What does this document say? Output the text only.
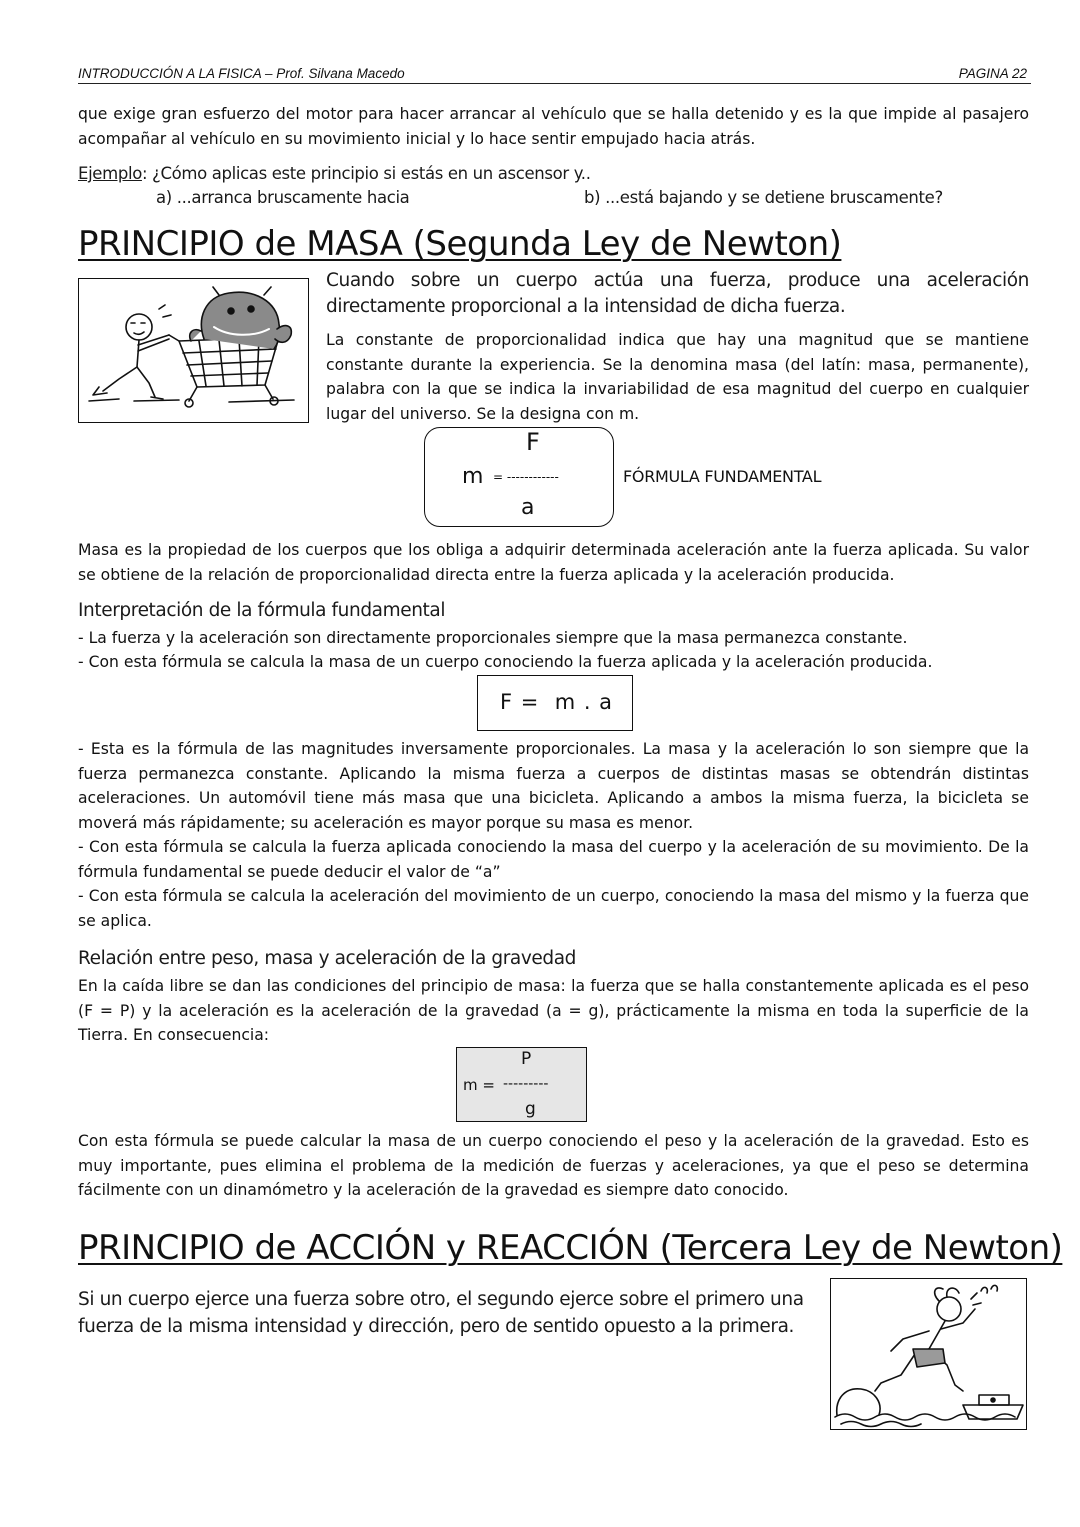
INTRODUCCIÓN A LA FISICA – Prof. Silvana Macedo	PAGINA 22
que exige gran esfuerzo del motor para hacer arrancar al vehículo que se halla detenido y es la que impide al pasajero acompañar al vehículo en su movimiento inicial y lo hace sentir empujado hacia atrás.
Ejemplo: ¿Cómo aplicas este principio si estás en un ascensor y..
a) ...arranca bruscamente hacia	b) ...está bajando y se detiene bruscamente?
PRINCIPIO de MASA (Segunda Ley de Newton)
Cuando sobre un cuerpo actúa una fuerza, produce una aceleración directamente proporcional a la intensidad de dicha fuerza.
La constante de proporcionalidad indica que hay una magnitud que se mantiene constante durante la experiencia. Se la denomina masa (del latín: masa, permanente), palabra con la que se indica la invariabilidad de esa magnitud del cuerpo en cualquier lugar del universo. Se la designa con m.
F
m = ------------
a
FÓRMULA FUNDAMENTAL
Masa es la propiedad de los cuerpos que los obliga a adquirir determinada aceleración ante la fuerza aplicada. Su valor se obtiene de la relación de proporcionalidad directa entre la fuerza aplicada y la aceleración producida.
Interpretación de la fórmula fundamental
- La fuerza y la aceleración son directamente proporcionales siempre que la masa permanezca constante.
- Con esta fórmula se calcula la masa de un cuerpo conociendo la fuerza aplicada y la aceleración producida.
F =  m . a
- Esta es la fórmula de las magnitudes inversamente proporcionales. La masa y la aceleración lo son siempre que la fuerza permanezca constante. Aplicando la misma fuerza a cuerpos de distintas masas se obtendrán distintas aceleraciones. Un automóvil tiene más masa que una bicicleta. Aplicando a ambos la misma fuerza, la bicicleta se moverá más rápidamente; su aceleración es mayor porque su masa es menor.
- Con esta fórmula se calcula la fuerza aplicada conociendo la masa del cuerpo y la aceleración de su movimiento. De la fórmula fundamental se puede deducir el valor de “a”
- Con esta fórmula se calcula la aceleración del movimiento de un cuerpo, conociendo la masa del mismo y la fuerza que se aplica.
Relación entre peso, masa y aceleración de la gravedad
En la caída libre se dan las condiciones del principio de masa: la fuerza que se halla constantemente aplicada es el peso (F = P) y la aceleración es la aceleración de la gravedad (a = g), prácticamente la misma en toda la superficie de la Tierra. En consecuencia:
P
m = ---------
g
Con esta fórmula se puede calcular la masa de un cuerpo conociendo el peso y la aceleración de la gravedad. Esto es muy importante, pues elimina el problema de la medición de fuerzas y aceleraciones, ya que el peso se determina fácilmente con un dinamómetro y la aceleración de la gravedad es siempre dato conocido.
PRINCIPIO de ACCIÓN y REACCIÓN (Tercera Ley de Newton)
Si un cuerpo ejerce una fuerza sobre otro, el segundo ejerce sobre el primero una fuerza de la misma intensidad y dirección, pero de sentido opuesto a la primera.
